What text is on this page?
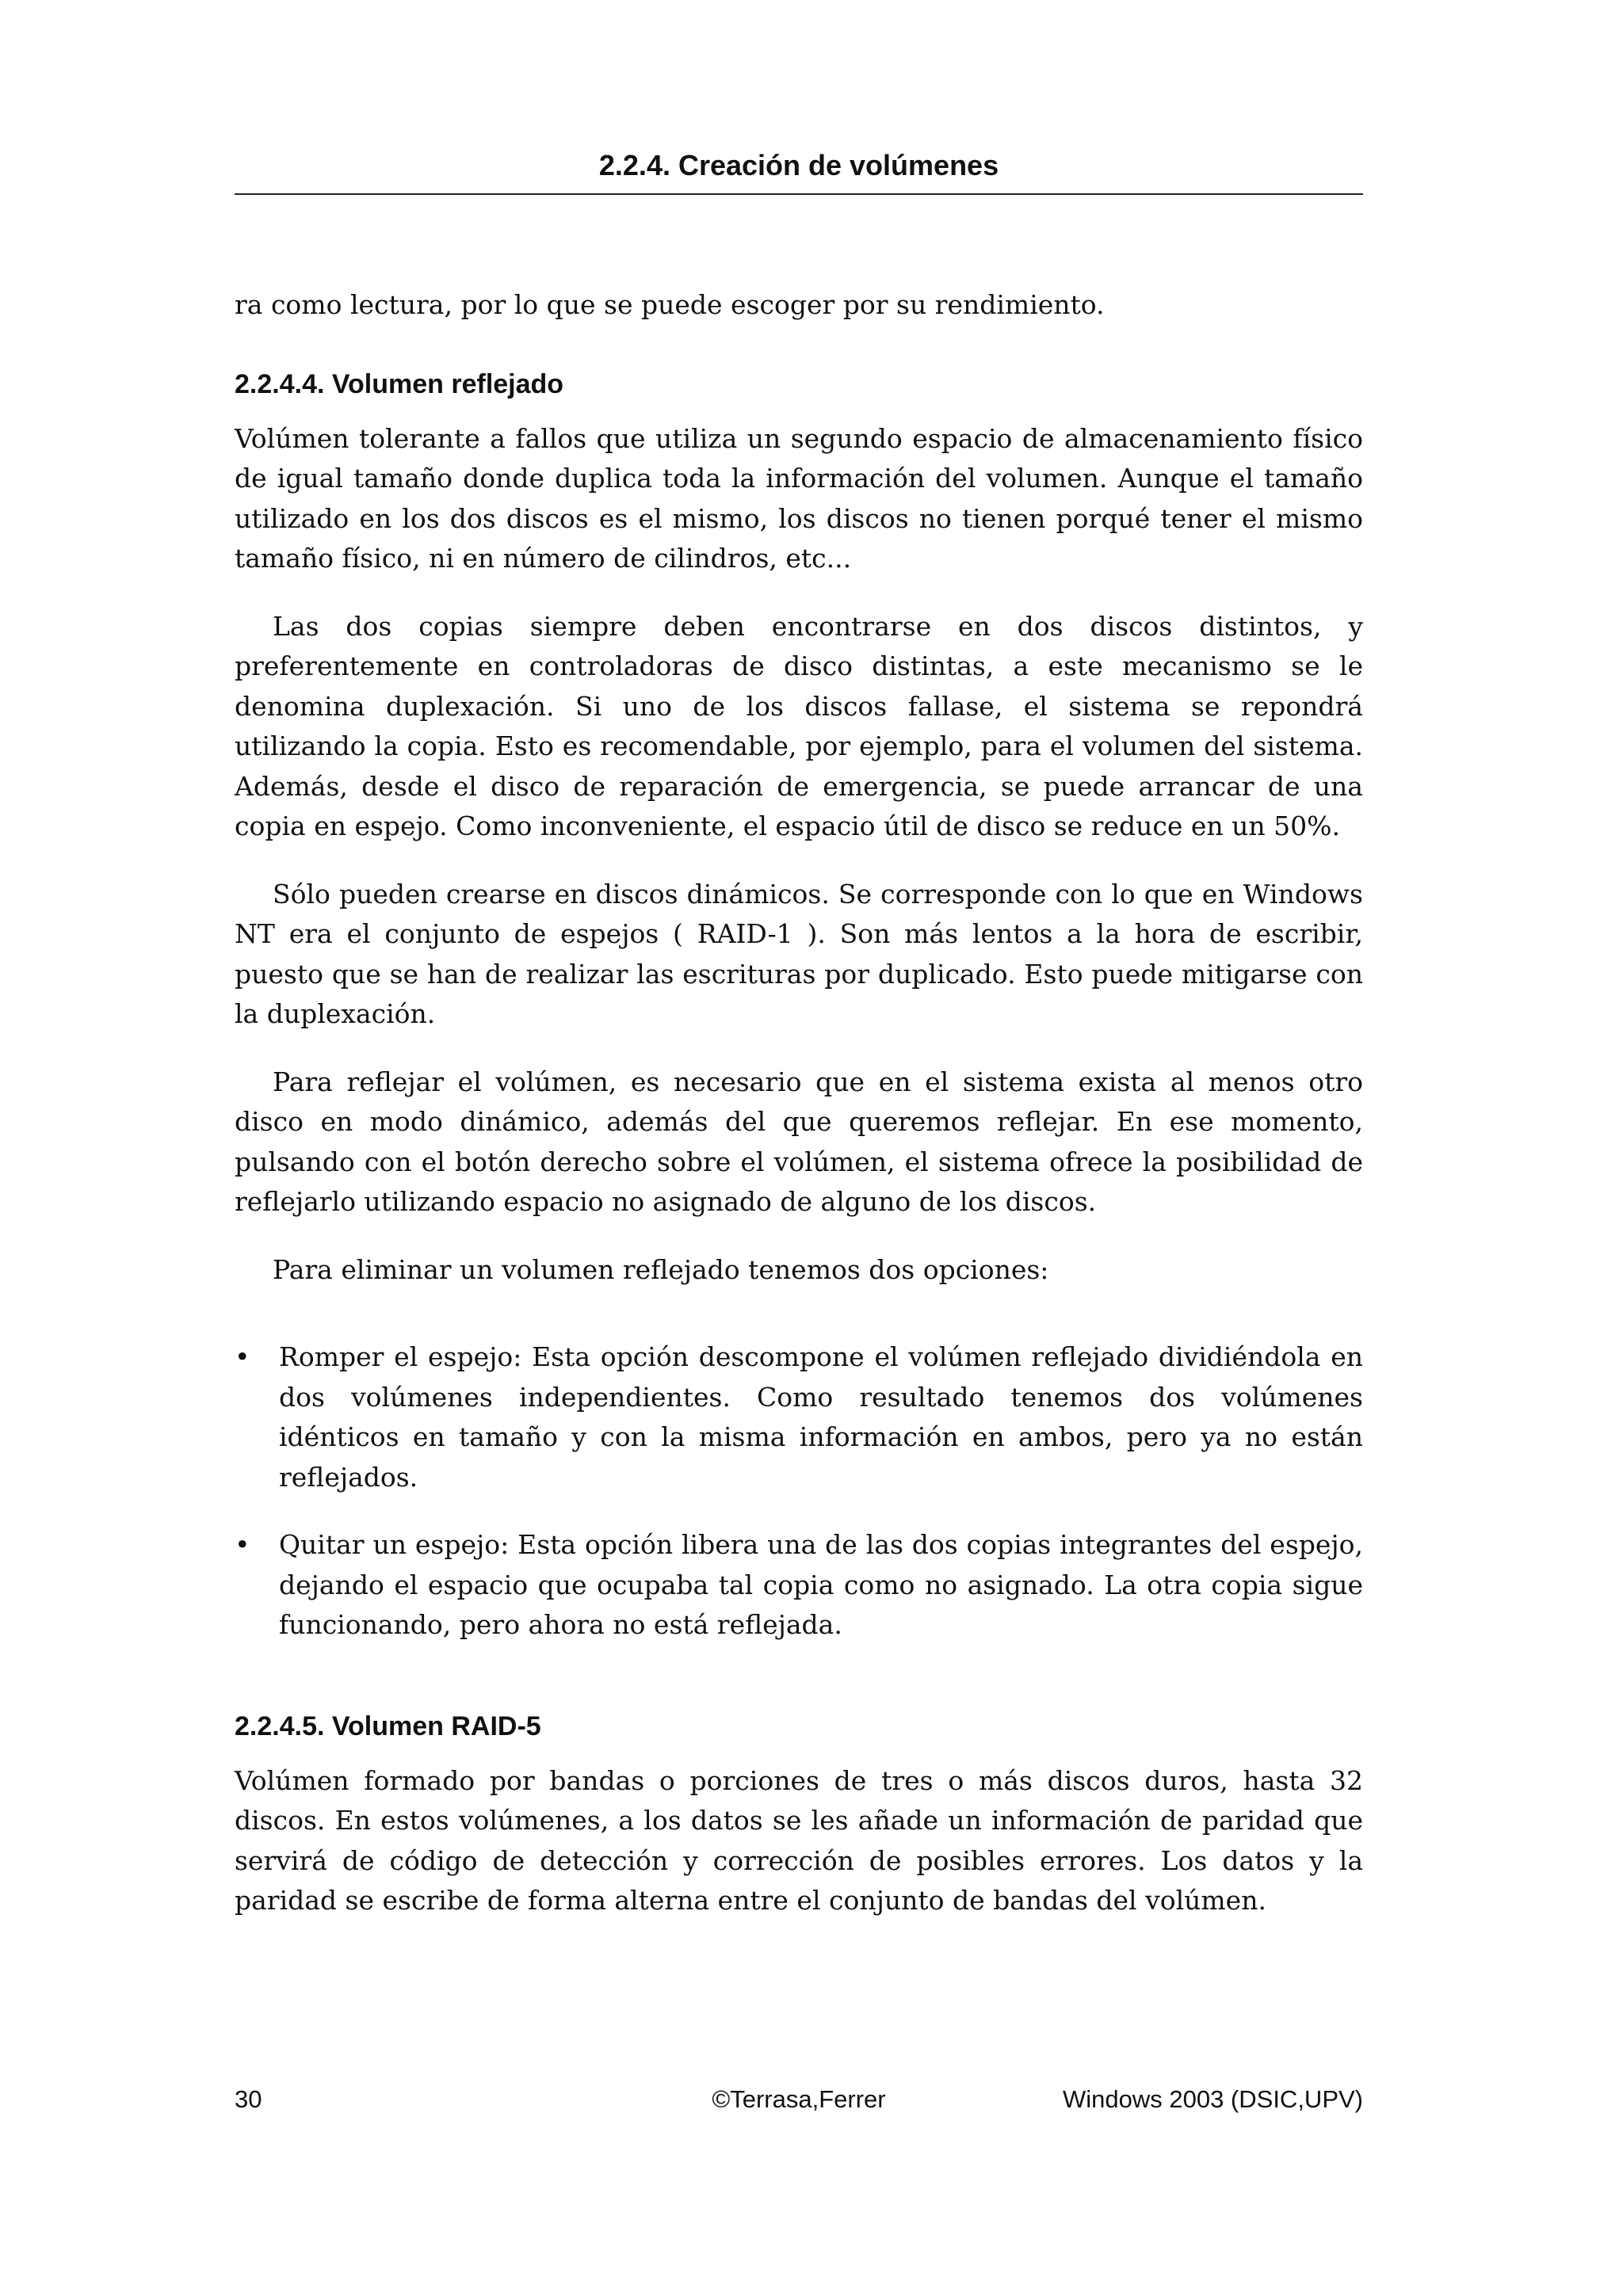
2.2.4. Creación de volúmenes

ra como lectura, por lo que se puede escoger por su rendimiento.

2.2.4.4. Volumen reflejado

Volúmen tolerante a fallos que utiliza un segundo espacio de almacenamiento físico de igual tamaño donde duplica toda la información del volumen. Aunque el tamaño utilizado en los dos discos es el mismo, los discos no tienen porqué tener el mismo tamaño físico, ni en número de cilindros, etc...

Las dos copias siempre deben encontrarse en dos discos distintos, y preferentemente en controladoras de disco distintas, a este mecanismo se le denomina duplexación. Si uno de los discos fallase, el sistema se repondrá utilizando la copia. Esto es recomendable, por ejemplo, para el volumen del sistema. Además, desde el disco de reparación de emergencia, se puede arrancar de una copia en espejo. Como inconveniente, el espacio útil de disco se reduce en un 50%.

Sólo pueden crearse en discos dinámicos. Se corresponde con lo que en Windows NT era el conjunto de espejos ( RAID-1 ). Son más lentos a la hora de escribir, puesto que se han de realizar las escrituras por duplicado. Esto puede mitigarse con la duplexación.

Para reflejar el volúmen, es necesario que en el sistema exista al menos otro disco en modo dinámico, además del que queremos reflejar. En ese momento, pulsando con el botón derecho sobre el volúmen, el sistema ofrece la posibilidad de reflejarlo utilizando espacio no asignado de alguno de los discos.

Para eliminar un volumen reflejado tenemos dos opciones:

• Romper el espejo: Esta opción descompone el volúmen reflejado dividiéndola en dos volúmenes independientes. Como resultado tenemos dos volúmenes idénticos en tamaño y con la misma información en ambos, pero ya no están reflejados.
• Quitar un espejo: Esta opción libera una de las dos copias integrantes del espejo, dejando el espacio que ocupaba tal copia como no asignado. La otra copia sigue funcionando, pero ahora no está reflejada.
2.2.4.5. Volumen RAID-5

Volúmen formado por bandas o porciones de tres o más discos duros, hasta 32 discos. En estos volúmenes, a los datos se les añade un información de paridad que servirá de código de detección y corrección de posibles errores. Los datos y la paridad se escribe de forma alterna entre el conjunto de bandas del volúmen.

30	©Terrasa,Ferrer	Windows 2003 (DSIC,UPV)
